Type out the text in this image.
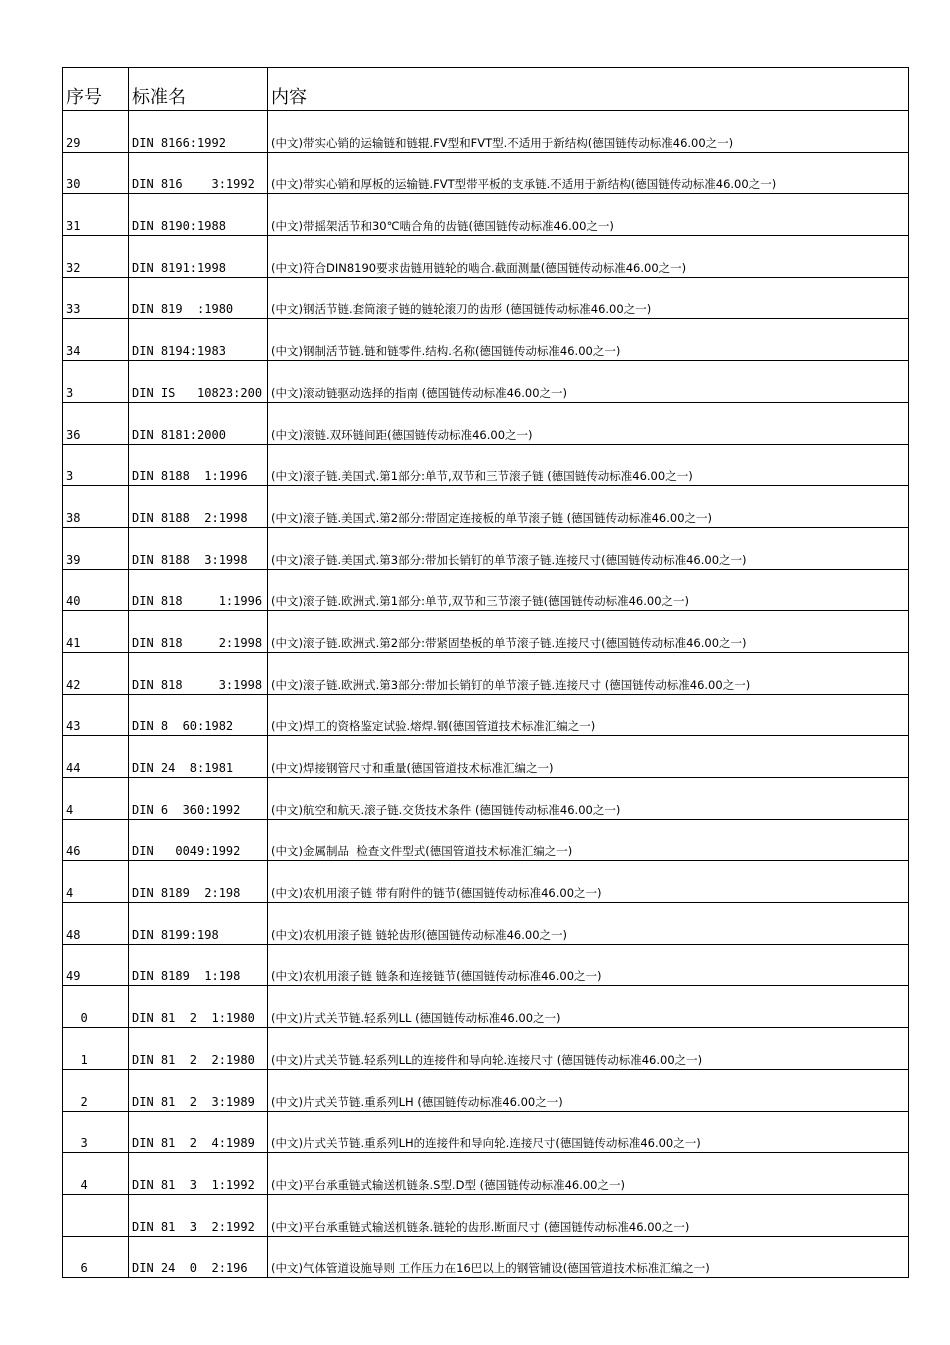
序号	标准名	内容
29	DIN 8166:1992	(中文)带实心销的运输链和链辊.FV型和FVT型.不适用于新结构(德国链传动标准46.00之一)
30	DIN 816    3:1992	(中文)带实心销和厚板的运输链.FVT型带平板的支承链.不适用于新结构(德国链传动标准46.00之一)
31	DIN 8190:1988	(中文)带摇架活节和30℃啮合角的齿链(德国链传动标准46.00之一)
32	DIN 8191:1998	(中文)符合DIN8190要求齿链用链轮的啮合.截面测量(德国链传动标准46.00之一)
33	DIN 819  :1980	(中文)钢活节链.套筒滚子链的链轮滚刀的齿形 (德国链传动标准46.00之一)
34	DIN 8194:1983	(中文)钢制活节链.链和链零件.结构.名称(德国链传动标准46.00之一)
3	DIN IS   10823:200	(中文)滚动链驱动选择的指南 (德国链传动标准46.00之一)
36	DIN 8181:2000	(中文)滚链.双环链间距(德国链传动标准46.00之一)
3	DIN 8188  1:1996	(中文)滚子链.美国式.第1部分:单节,双节和三节滚子链 (德国链传动标准46.00之一)
38	DIN 8188  2:1998	(中文)滚子链.美国式.第2部分:带固定连接板的单节滚子链 (德国链传动标准46.00之一)
39	DIN 8188  3:1998	(中文)滚子链.美国式.第3部分:带加长销钉的单节滚子链.连接尺寸(德国链传动标准46.00之一)
40	DIN 818     1:1996	(中文)滚子链.欧洲式.第1部分:单节,双节和三节滚子链(德国链传动标准46.00之一)
41	DIN 818     2:1998	(中文)滚子链.欧洲式.第2部分:带紧固垫板的单节滚子链.连接尺寸(德国链传动标准46.00之一)
42	DIN 818     3:1998	(中文)滚子链.欧洲式.第3部分:带加长销钉的单节滚子链.连接尺寸 (德国链传动标准46.00之一)
43	DIN 8  60:1982	(中文)焊工的资格鉴定试验.熔焊.钢(德国管道技术标准汇编之一)
44	DIN 24  8:1981	(中文)焊接钢管尺寸和重量(德国管道技术标准汇编之一)
4	DIN 6  360:1992	(中文)航空和航天.滚子链.交货技术条件 (德国链传动标准46.00之一)
46	DIN   0049:1992	(中文)金属制品  检查文件型式(德国管道技术标准汇编之一)
4	DIN 8189  2:198	(中文)农机用滚子链 带有附件的链节(德国链传动标准46.00之一)
48	DIN 8199:198	(中文)农机用滚子链 链轮齿形(德国链传动标准46.00之一)
49	DIN 8189  1:198	(中文)农机用滚子链 链条和连接链节(德国链传动标准46.00之一)
0	DIN 81  2  1:1980	(中文)片式关节链.轻系列LL (德国链传动标准46.00之一)
1	DIN 81  2  2:1980	(中文)片式关节链.轻系列LL的连接件和导向轮.连接尺寸 (德国链传动标准46.00之一)
2	DIN 81  2  3:1989	(中文)片式关节链.重系列LH (德国链传动标准46.00之一)
3	DIN 81  2  4:1989	(中文)片式关节链.重系列LH的连接件和导向轮.连接尺寸(德国链传动标准46.00之一)
4	DIN 81  3  1:1992	(中文)平台承重链式输送机链条.S型.D型 (德国链传动标准46.00之一)
	DIN 81  3  2:1992	(中文)平台承重链式输送机链条.链轮的齿形.断面尺寸 (德国链传动标准46.00之一)
6	DIN 24  0  2:196	(中文)气体管道设施导则 工作压力在16巴以上的钢管铺设(德国管道技术标准汇编之一)
